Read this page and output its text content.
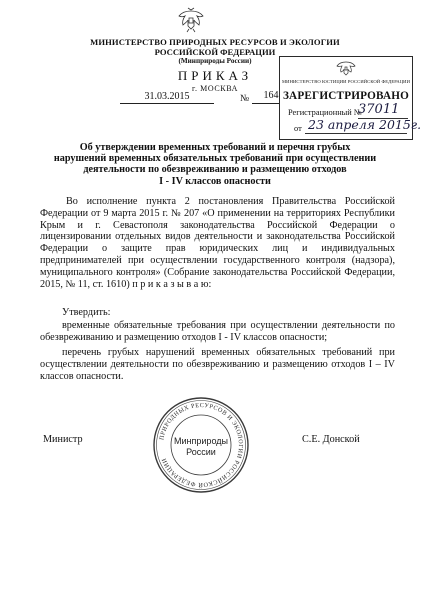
МИНИСТЕРСТВО ПРИРОДНЫХ РЕСУРСОВ И ЭКОЛОГИИ
РОССИЙСКОЙ ФЕДЕРАЦИИ
(Минприроды России)
ПРИКАЗ
г. МОСКВА
31.03.2015	№	164
МИНИСТЕРСТВО ЮСТИЦИИ РОССИЙСКОЙ ФЕДЕРАЦИИ
ЗАРЕГИСТРИРОВАНО
Регистрационный №
37011
от 23 апреля 2015г.
Об утверждении временных требований и перечня грубых
нарушений временных обязательных требований при осуществлении
деятельности по обезвреживанию и размещению отходов
I - IV классов опасности
Во исполнение пункта 2 постановления Правительства Российской Федерации от 9 марта 2015 г. № 207 «О применении на территориях Республики Крым и г. Севастополя законодательства Российской Федерации о лицензировании отдельных видов деятельности и законодательства Российской Федерации о защите прав юридических лиц и индивидуальных предпринимателей при осуществлении государственного контроля (надзора), муниципального контроля» (Собрание законодательства Российской Федерации, 2015, № 11, ст. 1610) п р и к а з ы в а ю:
Утвердить:
временные обязательные требования при осуществлении деятельности по обезвреживанию и размещению отходов I - IV классов опасности;
перечень грубых нарушений временных обязательных требований при осуществлении деятельности по обезвреживанию и размещению отходов I – IV классов опасности.
ПРИРОДНЫХ РЕСУРСОВ И ЭКОЛОГИИ РОССИЙСКОЙ ФЕДЕРАЦИИ
Минприроды
России
Министр	С.Е. Донской
